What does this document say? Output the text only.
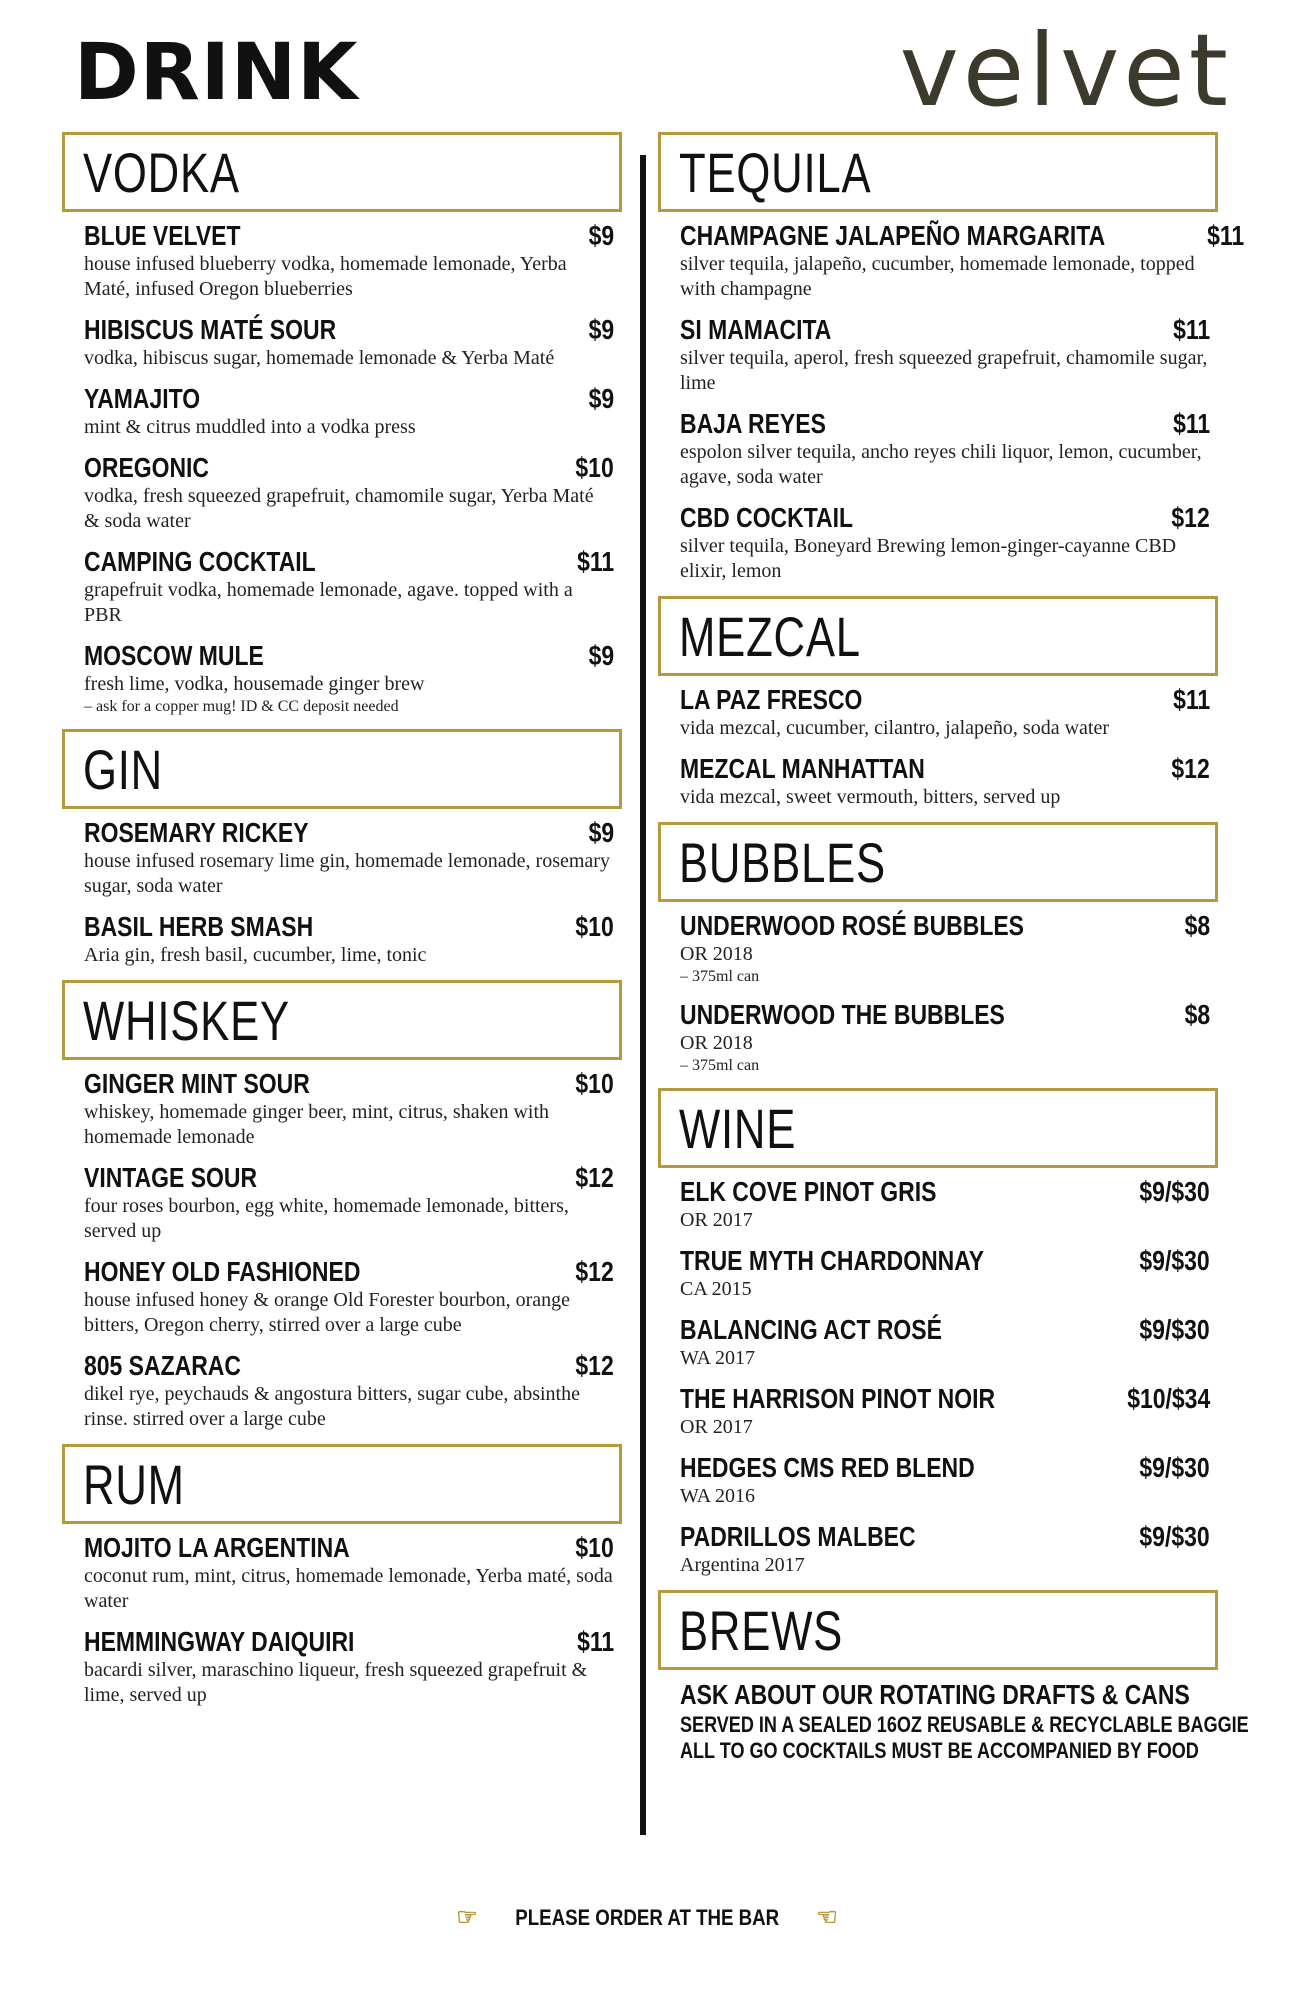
DRINK	velvet
VODKA
BLUE VELVET	$9
house infused blueberry vodka, homemade lemonade, Yerba Maté, infused Oregon blueberries
HIBISCUS MATÉ SOUR	$9
vodka, hibiscus sugar, homemade lemonade & Yerba Maté
YAMAJITO	$9
mint & citrus muddled into a vodka press
OREGONIC	$10
vodka, fresh squeezed grapefruit, chamomile sugar, Yerba Maté & soda water
CAMPING COCKTAIL	$11
grapefruit vodka, homemade lemonade, agave. topped with a PBR
MOSCOW MULE	$9
fresh lime, vodka, housemade ginger brew
– ask for a copper mug! ID & CC deposit needed
GIN
ROSEMARY RICKEY	$9
house infused rosemary lime gin, homemade lemonade, rosemary sugar, soda water
BASIL HERB SMASH	$10
Aria gin, fresh basil, cucumber, lime, tonic
WHISKEY
GINGER MINT SOUR	$10
whiskey, homemade ginger beer, mint, citrus, shaken with homemade lemonade
VINTAGE SOUR	$12
four roses bourbon, egg white, homemade lemonade, bitters, served up
HONEY OLD FASHIONED	$12
house infused honey & orange Old Forester bourbon, orange bitters, Oregon cherry, stirred over a large cube
805 SAZARAC	$12
dikel rye, peychauds & angostura bitters, sugar cube, absinthe rinse. stirred over a large cube
RUM
MOJITO LA ARGENTINA	$10
coconut rum, mint, citrus, homemade lemonade, Yerba maté, soda water
HEMMINGWAY DAIQUIRI	$11
bacardi silver, maraschino liqueur, fresh squeezed grapefruit & lime, served up
TEQUILA
CHAMPAGNE JALAPEÑO MARGARITA	$11
silver tequila, jalapeño, cucumber, homemade lemonade, topped with champagne
SI MAMACITA	$11
silver tequila, aperol, fresh squeezed grapefruit, chamomile sugar, lime
BAJA REYES	$11
espolon silver tequila, ancho reyes chili liquor, lemon, cucumber, agave, soda water
CBD COCKTAIL	$12
silver tequila, Boneyard Brewing lemon-ginger-cayanne CBD elixir, lemon
MEZCAL
LA PAZ FRESCO	$11
vida mezcal, cucumber, cilantro, jalapeño, soda water
MEZCAL MANHATTAN	$12
vida mezcal, sweet vermouth, bitters, served up
BUBBLES
UNDERWOOD ROSÉ BUBBLES	$8
OR 2018
– 375ml can
UNDERWOOD THE BUBBLES	$8
OR 2018
– 375ml can
WINE
ELK COVE PINOT GRIS	$9/$30
OR 2017
TRUE MYTH CHARDONNAY	$9/$30
CA 2015
BALANCING ACT ROSÉ	$9/$30
WA 2017
THE HARRISON PINOT NOIR	$10/$34
OR 2017
HEDGES CMS RED BLEND	$9/$30
WA 2016
PADRILLOS MALBEC	$9/$30
Argentina 2017
BREWS
ASK ABOUT OUR ROTATING DRAFTS & CANS
SERVED IN A SEALED 16OZ REUSABLE & RECYCLABLE BAGGIE
ALL TO GO COCKTAILS MUST BE ACCOMPANIED BY FOOD
☞ PLEASE ORDER AT THE BAR ☜
